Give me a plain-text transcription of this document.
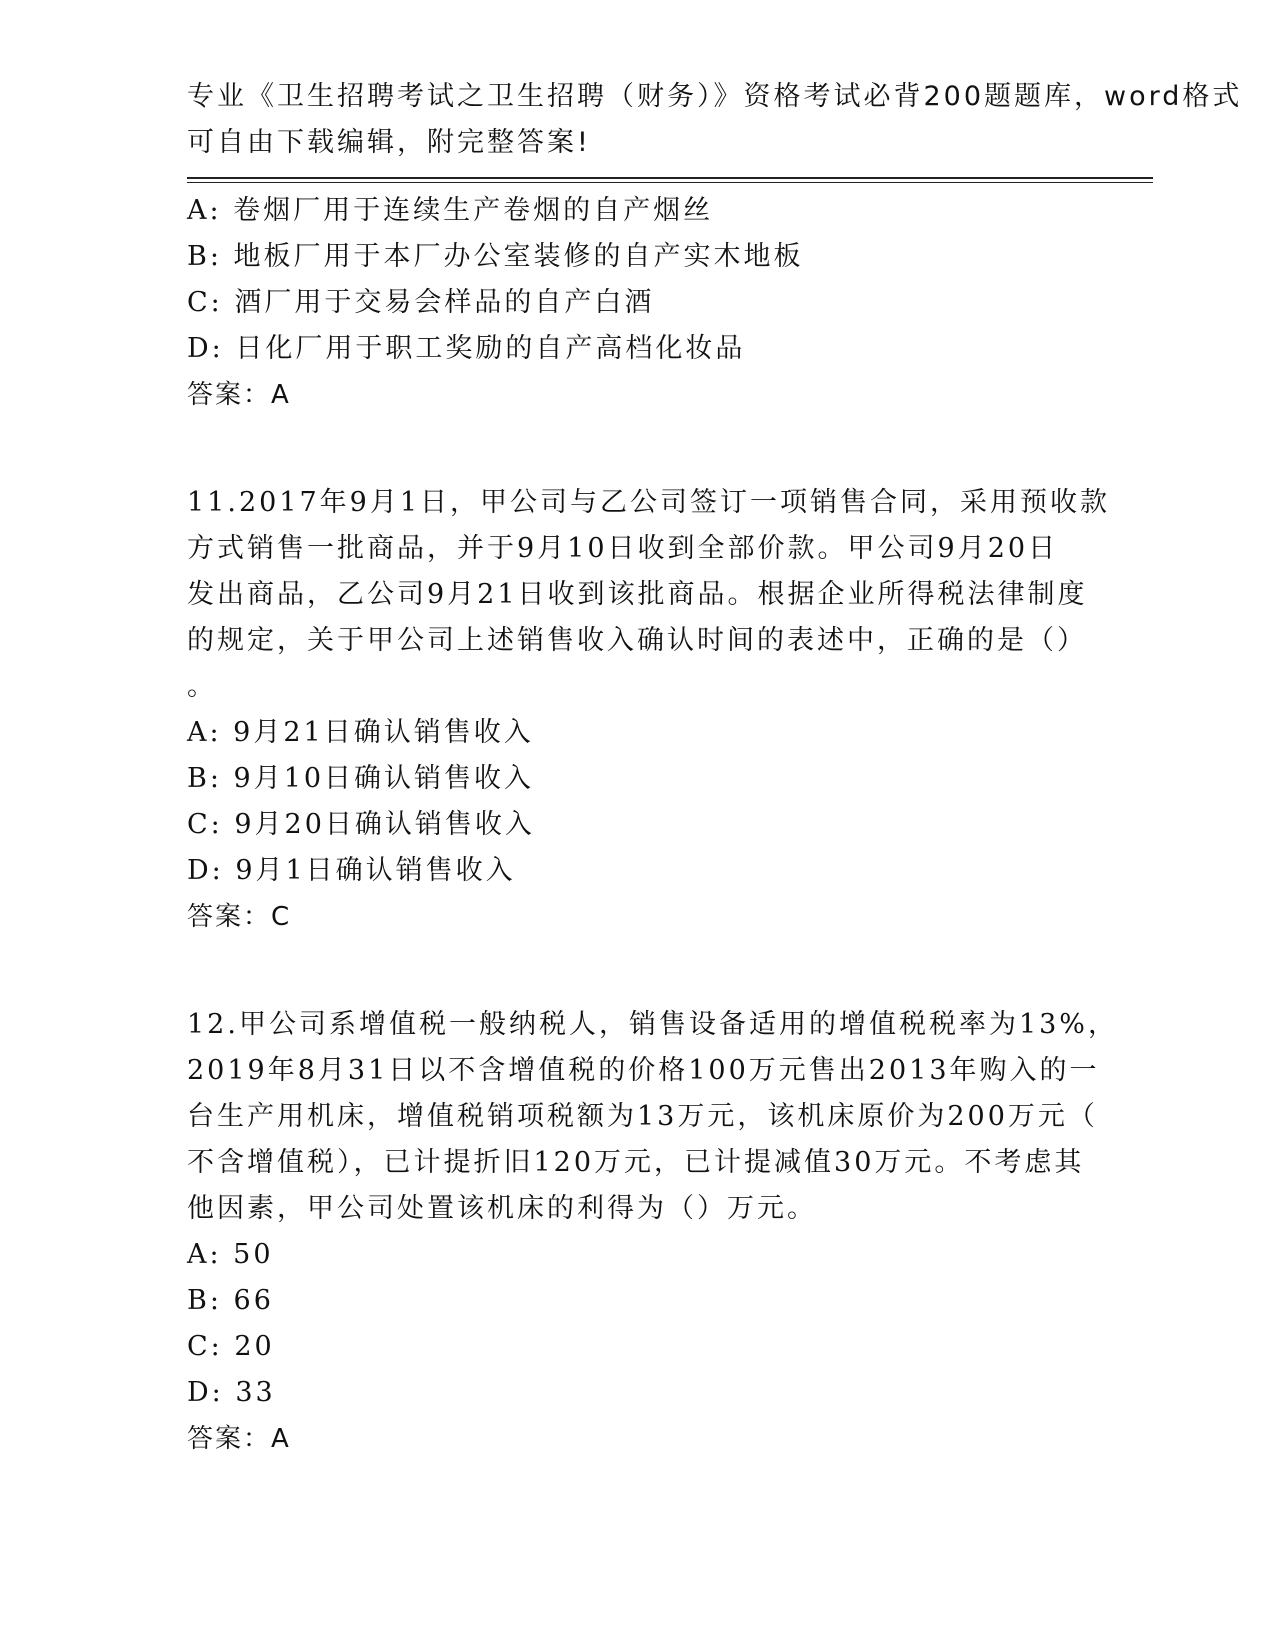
专业《卫生招聘考试之卫生招聘（财务）》资格考试必背200题题库，word格式
可自由下载编辑，附完整答案!
A: 卷烟厂用于连续生产卷烟的自产烟丝
B: 地板厂用于本厂办公室装修的自产实木地板
C: 酒厂用于交易会样品的自产白酒
D: 日化厂用于职工奖励的自产高档化妆品
答案：A
11.2017年9月1日，甲公司与乙公司签订一项销售合同，采用预收款
方式销售一批商品，并于9月10日收到全部价款。甲公司9月20日
发出商品，乙公司9月21日收到该批商品。根据企业所得税法律制度
的规定，关于甲公司上述销售收入确认时间的表述中，正确的是（）
。
A: 9月21日确认销售收入
B: 9月10日确认销售收入
C: 9月20日确认销售收入
D: 9月1日确认销售收入
答案：C
12.甲公司系增值税一般纳税人，销售设备适用的增值税税率为13%，
2019年8月31日以不含增值税的价格100万元售出2013年购入的一
台生产用机床，增值税销项税额为13万元，该机床原价为200万元（
不含增值税），已计提折旧120万元，已计提减值30万元。不考虑其
他因素，甲公司处置该机床的利得为（）万元。
A: 50
B: 66
C: 20
D: 33
答案：A
